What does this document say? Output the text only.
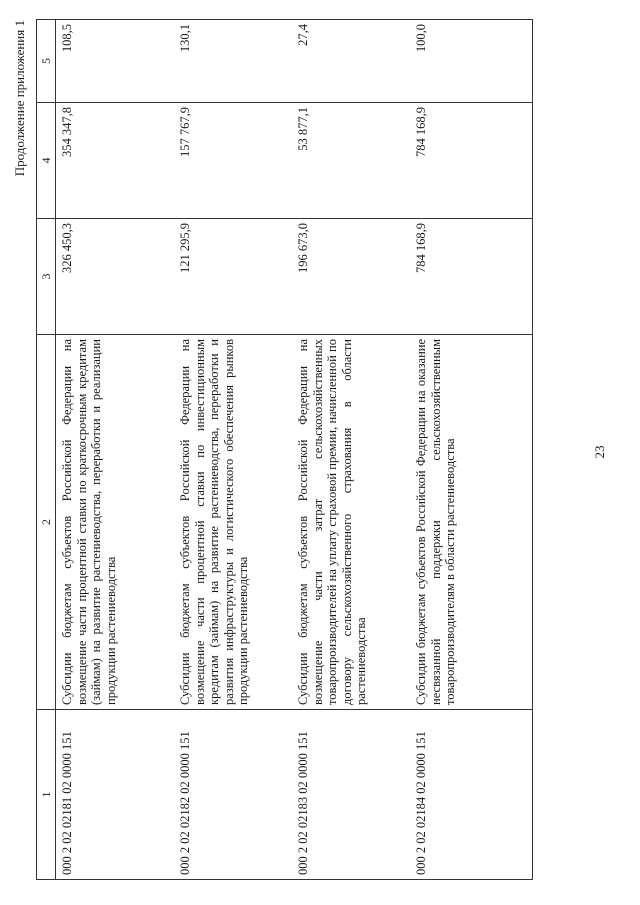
23
Продолжение приложения 1
1	2	3	4	5
000 2 02 02181 02 0000 151	Субсидии бюджетам субъектов Российской Федерации на возмещение части процентной ставки по краткосрочным кредитам (займам) на развитие растениеводства, переработки и реализации продукции растениеводства	326 450,3	354 347,8	108,5
000 2 02 02182 02 0000 151	Субсидии бюджетам субъектов Российской Федерации на возмещение части процентной ставки по инвестиционным кредитам (займам) на развитие растениеводства, переработки и развития инфраструктуры и логистического обеспечения рынков продукции растениеводства	121 295,9	157 767,9	130,1
000 2 02 02183 02 0000 151	Субсидии бюджетам субъектов Российской Федерации на возмещение части затрат сельскохозяйственных товаропроизводителей на уплату страховой премии, начисленной по договору сельскохозяйственного страхования в области растениеводства	196 673,0	53 877,1	27,4
000 2 02 02184 02 0000 151	Субсидии бюджетам субъектов Российской Федерации на оказание несвязанной поддержки сельскохозяйственным товаропроизводителям в области растениеводства	784 168,9	784 168,9	100,0
